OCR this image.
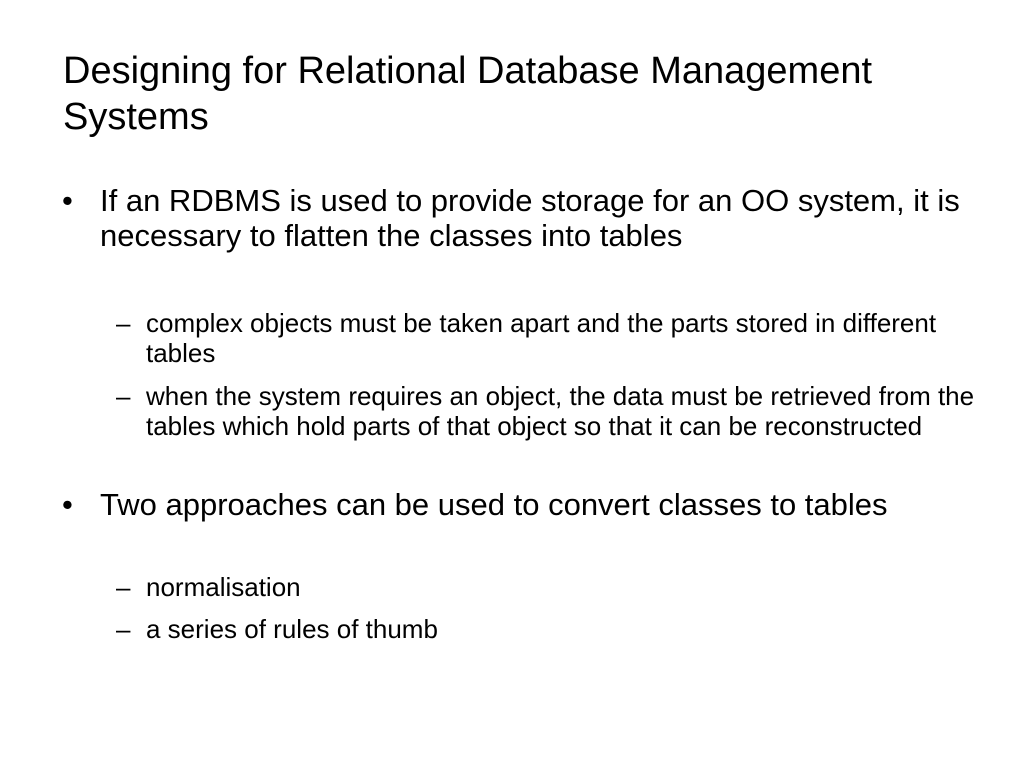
Designing for Relational Database Management Systems
• If an RDBMS is used to provide storage for an OO system, it is necessary to flatten the classes into tables
– complex objects must be taken apart and the parts stored in different tables
– when the system requires an object, the data must be retrieved from the tables which hold parts of that object so that it can be reconstructed
• Two approaches can be used to convert classes to tables
– normalisation
– a series of rules of thumb
